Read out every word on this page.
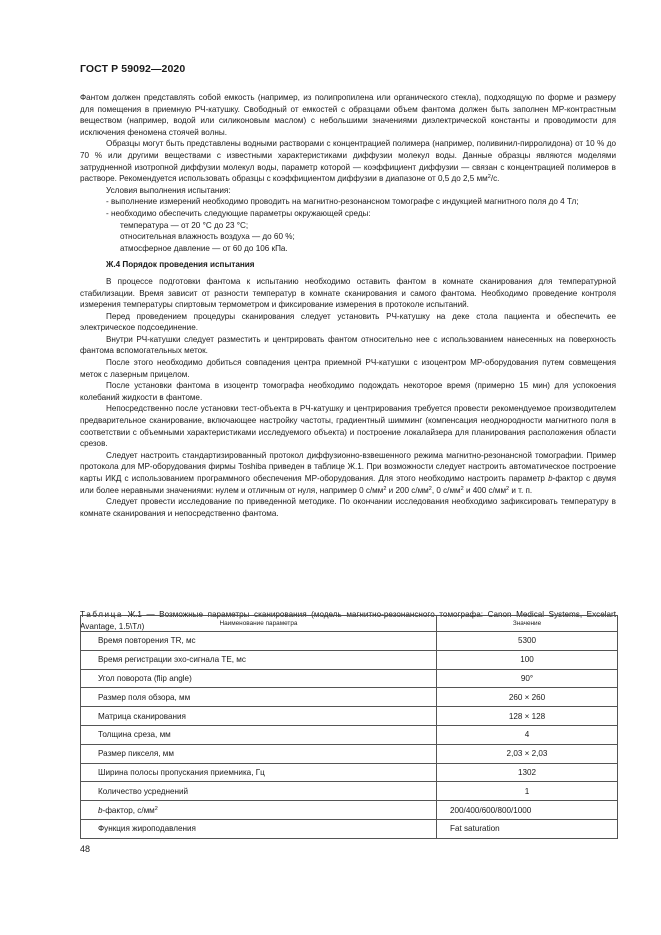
ГОСТ Р 59092—2020

Фантом должен представлять собой емкость (например, из полипропилена или органического стекла), подходящую по форме и размеру для помещения в приемную РЧ-катушку. Свободный от емкостей с образцами объем фантома должен быть заполнен МР-контрастным веществом (например, водой или силиконовым маслом) с небольшими значениями диэлектрической константы и проводимости для исключения феномена стоячей волны.

Образцы могут быть представлены водными растворами с концентрацией полимера (например, поливинил-пирролидона) от 10 % до 70 % или другими веществами с известными характеристиками диффузии молекул воды. Данные образцы являются моделями затрудненной изотропной диффузии молекул воды, параметр которой — коэффициент диффузии — связан с концентрацией полимеров в растворе. Рекомендуется использовать образцы с коэффициентом диффузии в диапазоне от 0,5 до 2,5 $мм^2/с$.

Условия выполнения испытания:

- выполнение измерений необходимо проводить на магнитно-резонансном томографе с индукцией магнитного поля до 4 Тл;

- необходимо обеспечить следующие параметры окружающей среды:

температура — от 20 °С до 23 °С;

относительная влажность воздуха — до 60 %;

атмосферное давление — от 60 до 106 кПа.

Ж.4 Порядок проведения испытания

В процессе подготовки фантома к испытанию необходимо оставить фантом в комнате сканирования для температурной стабилизации. Время зависит от разности температур в комнате сканирования и самого фантома. Необходимо проведение контроля измерения температуры спиртовым термометром и фиксирование измерения в протоколе испытаний.

Перед проведением процедуры сканирования следует установить РЧ-катушку на деке стола пациента и обеспечить ее электрическое подсоединение.

Внутри РЧ-катушки следует разместить и центрировать фантом относительно нее с использованием нанесенных на поверхность фантома вспомогательных меток.

После этого необходимо добиться совпадения центра приемной РЧ-катушки с изоцентром МР-оборудования путем совмещения меток с лазерным прицелом.

После установки фантома в изоцентр томографа необходимо подождать некоторое время (примерно 15 мин) для успокоения колебаний жидкости в фантоме.

Непосредственно после установки тест-объекта в РЧ-катушку и центрирования требуется провести рекомендуемое производителем предварительное сканирование, включающее настройку частоты, градиентный шимминг (компенсация неоднородности магнитного поля в соответствии с объемными характеристиками исследуемого объекта) и построение локалайзера для планирования расположения области срезов.

Следует настроить стандартизированный протокол диффузионно-взвешенного режима магнитно-резонансной томографии. Пример протокола для МР-оборудования фирмы Toshiba приведен в таблице Ж.1. При возможности следует настроить автоматическое построение карты ИКД с использованием программного обеспечения МР-оборудования. Для этого необходимо настроить параметр b-фактор с двумя или более неравными значениями: нулем и отличным от нуля, например 0 $с/мм^2$ и 200 $с/мм^2$, 0 $с/мм^2$ и 400 $с/мм^2$ и т. п.

Следует провести исследование по приведенной методике. По окончании исследования необходимо зафиксировать температуру в комнате сканирования и непосредственно фантома.

Таблица Ж.1 — Возможные параметры сканирования (модель магнитно-резонансного томографа: Canon Medical Systems, Excelart Avantage, 1.5\Тл)	Наименование параметра	Значение
Время повторения TR, мс	5300
Время регистрации эхо-сигнала TE, мс	100
Угол поворота (flip angle)	90°
Размер поля обзора, мм	260 × 260
Матрица сканирования	128 × 128
Толщина среза, мм	4
Размер пикселя, мм	2,03 × 2,03
Ширина полосы пропускания приемника, Гц	1302
Количество усреднений	1
b-фактор, $с/мм^2$	200/400/600/800/1000
Функция жироподавления	Fat saturation
48
